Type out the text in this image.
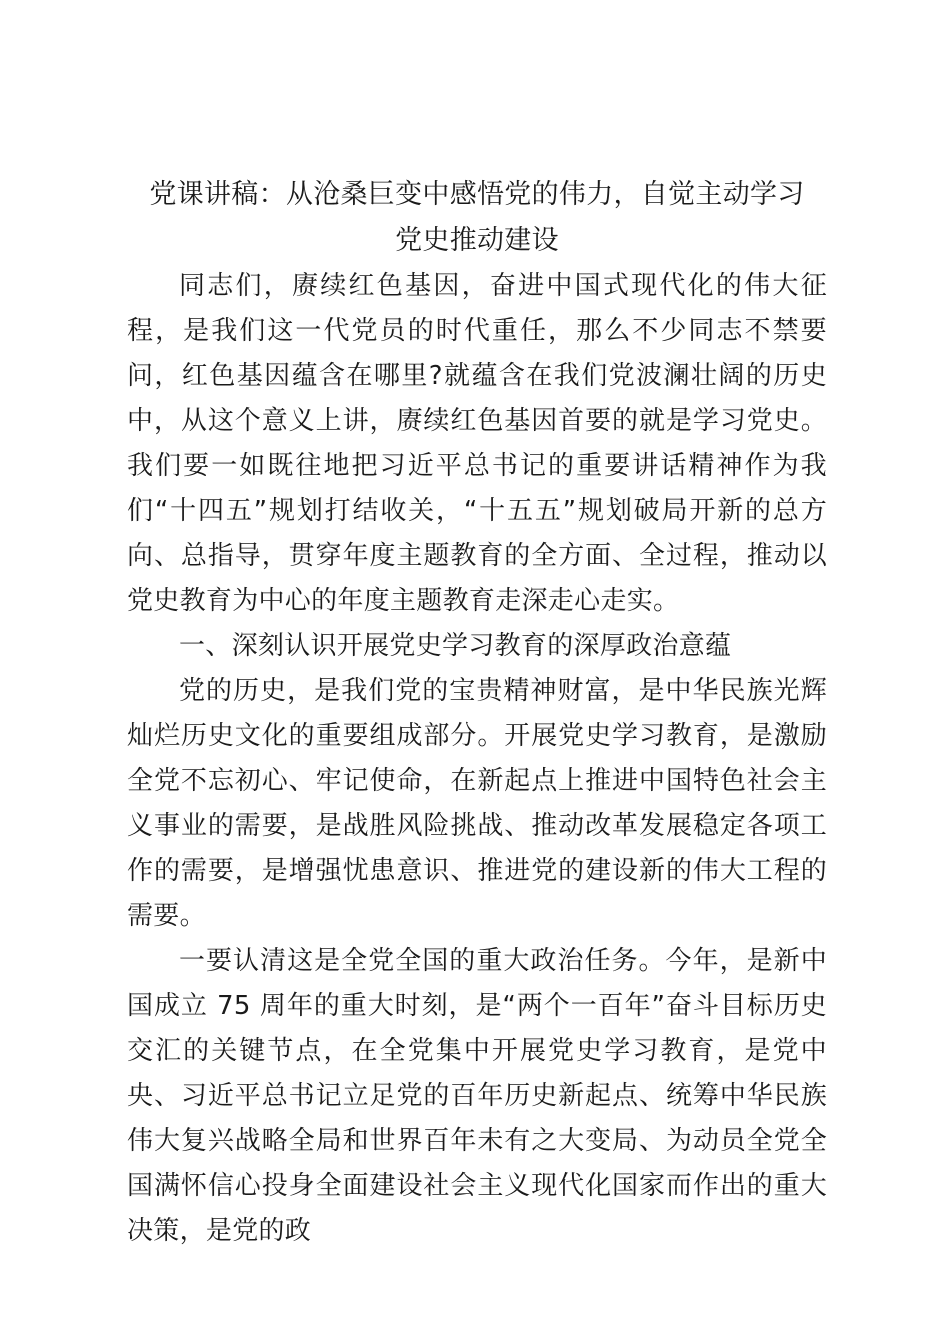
党课讲稿：从沧桑巨变中感悟党的伟力，自觉主动学习
党史推动建设

同志们，赓续红色基因，奋进中国式现代化的伟大征程，是我们这一代党员的时代重任，那么不少同志不禁要问，红色基因蕴含在哪里?就蕴含在我们党波澜壮阔的历史中，从这个意义上讲，赓续红色基因首要的就是学习党史。我们要一如既往地把习近平总书记的重要讲话精神作为我们“十四五”规划打结收关，“十五五”规划破局开新的总方向、总指导，贯穿年度主题教育的全方面、全过程，推动以党史教育为中心的年度主题教育走深走心走实。

一、深刻认识开展党史学习教育的深厚政治意蕴

党的历史，是我们党的宝贵精神财富，是中华民族光辉灿烂历史文化的重要组成部分。开展党史学习教育，是激励全党不忘初心、牢记使命，在新起点上推进中国特色社会主义事业的需要，是战胜风险挑战、推动改革发展稳定各项工作的需要，是增强忧患意识、推进党的建设新的伟大工程的需要。

一要认清这是全党全国的重大政治任务。今年，是新中国成立 75 周年的重大时刻，是“两个一百年”奋斗目标历史交汇的关键节点，在全党集中开展党史学习教育，是党中央、习近平总书记立足党的百年历史新起点、统筹中华民族伟大复兴战略全局和世界百年未有之大变局、为动员全党全国满怀信心投身全面建设社会主义现代化国家而作出的重大决策，是党的政
